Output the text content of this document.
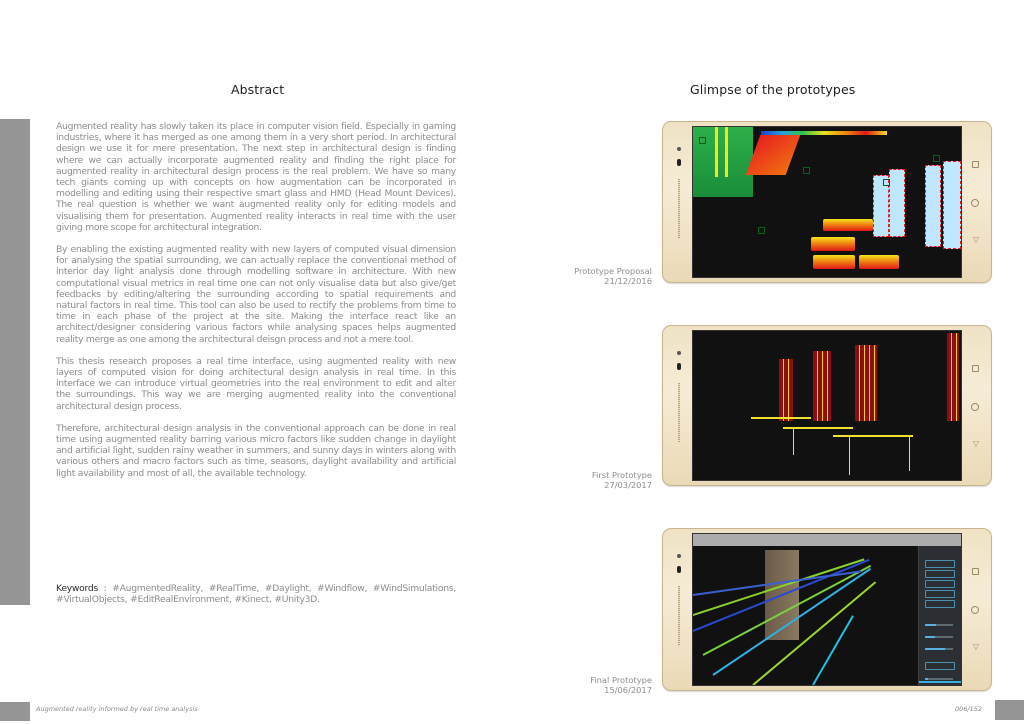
Abstract

Augmented reality has slowly taken its place in computer vision field. Especially in gaming industries, where it has merged as one among them in a very short period. In architectural design we use it for mere presentation. The next step in architectural design is finding where we can actually incorporate augmented reality and finding the right place for augmented reality in architectural design process is the real problem. We have so many tech giants coming up with concepts on how augmentation can be incorporated in modelling and editing using their respective smart glass and HMD (Head Mount Devices). The real question is whether we want augmented reality only for editing models and visualising them for presentation. Augmented reality interacts in real time with the user giving more scope for architectural integration.

By enabling the existing augmented reality with new layers of computed visual dimension for analysing the spatial surrounding, we can actually replace the conventional method of interior day light analysis done through modelling software in architecture. With new computational visual metrics in real time one can not only visualise data but also give/get feedbacks by editing/altering the surrounding according to spatial requirements and natural factors in real time. This tool can also be used to rectify the problems from time to time in each phase of the project at the site. Making the interface react like an architect/designer considering various factors while analysing spaces helps augmented reality merge as one among the architectural deisgn process and not a mere tool.

This thesis research proposes a real time interface, using augmented reality with new layers of computed vision for doing architectural design analysis in real time. In this interface we can introduce virtual geometries into the real environment to edit and alter the surroundings. This way we are merging augmented reality into the conventional architectural design process.

Therefore, architectural design analysis in the conventional approach can be done in real time using augmented reality barring various micro factors like sudden change in daylight and artificial light, sudden rainy weather in summers, and sunny days in winters along with various others and macro factors such as time, seasons, daylight availability and artificial light availability and most of all, the available technology.

Keywords : #AugmentedReality, #RealTime, #Daylight, #Windflow, #WindSimulations, #VirtualObjects, #EditRealEnvironment, #Kinect, #Unity3D.
Glimpse of the prototypes
Prototype Proposal
21/12/2016
▽
First Prototype
27/03/2017
▽
Final Prototype
15/06/2017
▽
Augmented reality informed by real time analysis	006/152
